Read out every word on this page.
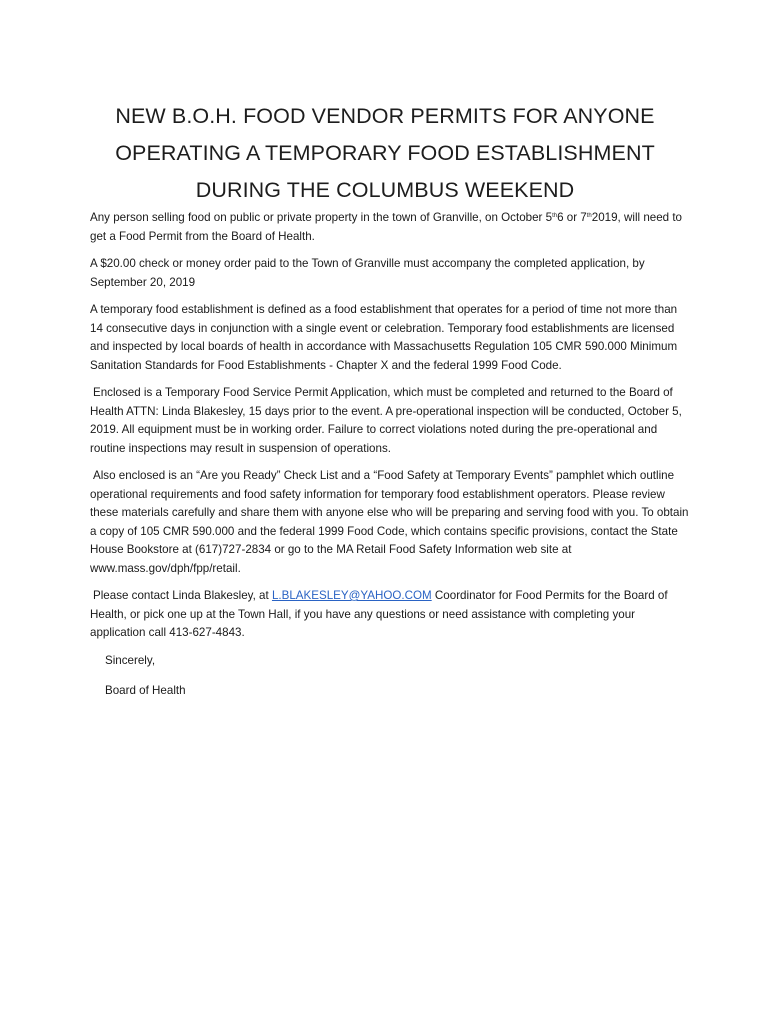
NEW B.O.H. FOOD VENDOR PERMITS FOR ANYONE
OPERATING A TEMPORARY FOOD ESTABLISHMENT
DURING THE COLUMBUS WEEKEND

Any person selling food on public or private property in the town of Granville, on October 5th6 or 7th2019, will need to get a Food Permit from the Board of Health.

A $20.00 check or money order paid to the Town of Granville must accompany the completed application, by September 20, 2019

A temporary food establishment is defined as a food establishment that operates for a period of time not more than 14 consecutive days in conjunction with a single event or celebration. Temporary food establishments are licensed and inspected by local boards of health in accordance with Massachusetts Regulation 105 CMR 590.000 Minimum Sanitation Standards for Food Establishments - Chapter X and the federal 1999 Food Code.

Enclosed is a Temporary Food Service Permit Application, which must be completed and returned to the Board of Health ATTN: Linda Blakesley, 15 days prior to the event. A pre-operational inspection will be conducted, October 5, 2019. All equipment must be in working order. Failure to correct violations noted during the pre-operational and routine inspections may result in suspension of operations.

Also enclosed is an “Are you Ready” Check List and a “Food Safety at Temporary Events” pamphlet which outline operational requirements and food safety information for temporary food establishment operators. Please review these materials carefully and share them with anyone else who will be preparing and serving food with you. To obtain a copy of 105 CMR 590.000 and the federal 1999 Food Code, which contains specific provisions, contact the State House Bookstore at (617)727-2834 or go to the MA Retail Food Safety Information web site at www.mass.gov/dph/fpp/retail.

Please contact Linda Blakesley, at L.BLAKESLEY@YAHOO.COM Coordinator for Food Permits for the Board of Health, or pick one up at the Town Hall, if you have any questions or need assistance with completing your application call 413-627-4843.

Sincerely,

Board of Health
